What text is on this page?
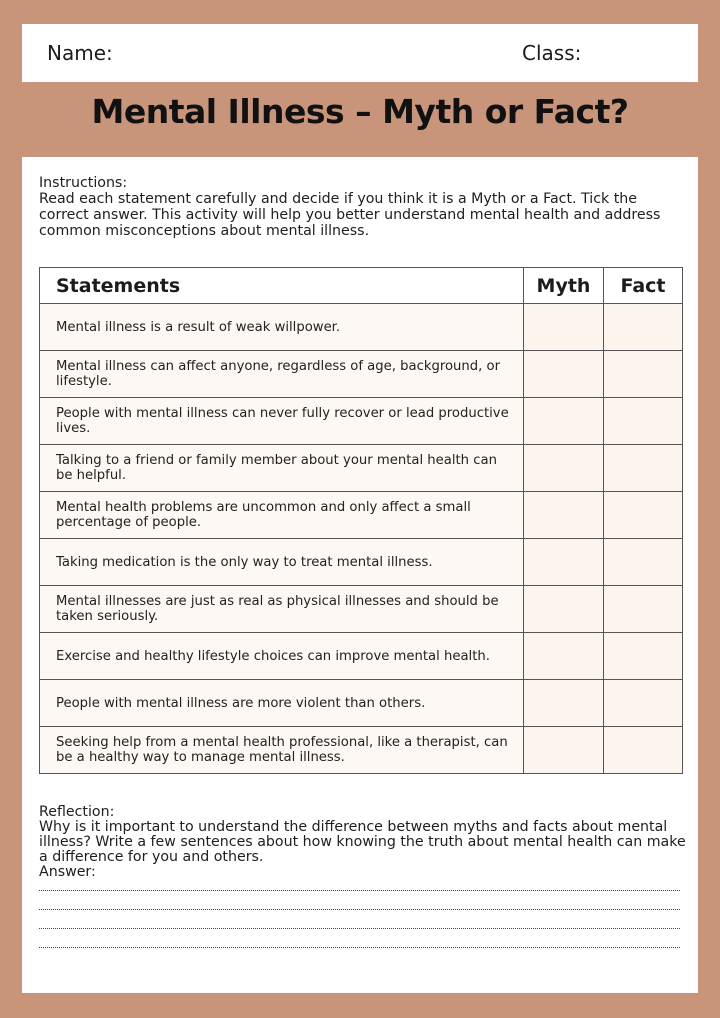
Name:	Class:
Mental Illness – Myth or Fact?

Instructions:

Read each statement carefully and decide if you think it is a Myth or a Fact. Tick the correct answer. This activity will help you better understand mental health and address common misconceptions about mental illness.

Statements	Myth	Fact
Mental illness is a result of weak willpower.		
Mental illness can affect anyone, regardless of age, background, or lifestyle.		
People with mental illness can never fully recover or lead productive lives.		
Talking to a friend or family member about your mental health can be helpful.		
Mental health problems are uncommon and only affect a small percentage of people.		
Taking medication is the only way to treat mental illness.		
Mental illnesses are just as real as physical illnesses and should be taken seriously.		
Exercise and healthy lifestyle choices can improve mental health.		
People with mental illness are more violent than others.		
Seeking help from a mental health professional, like a therapist, can be a healthy way to manage mental illness.		

Reflection:

Why is it important to understand the difference between myths and facts about mental illness? Write a few sentences about how knowing the truth about mental health can make a difference for you and others.

Answer:
